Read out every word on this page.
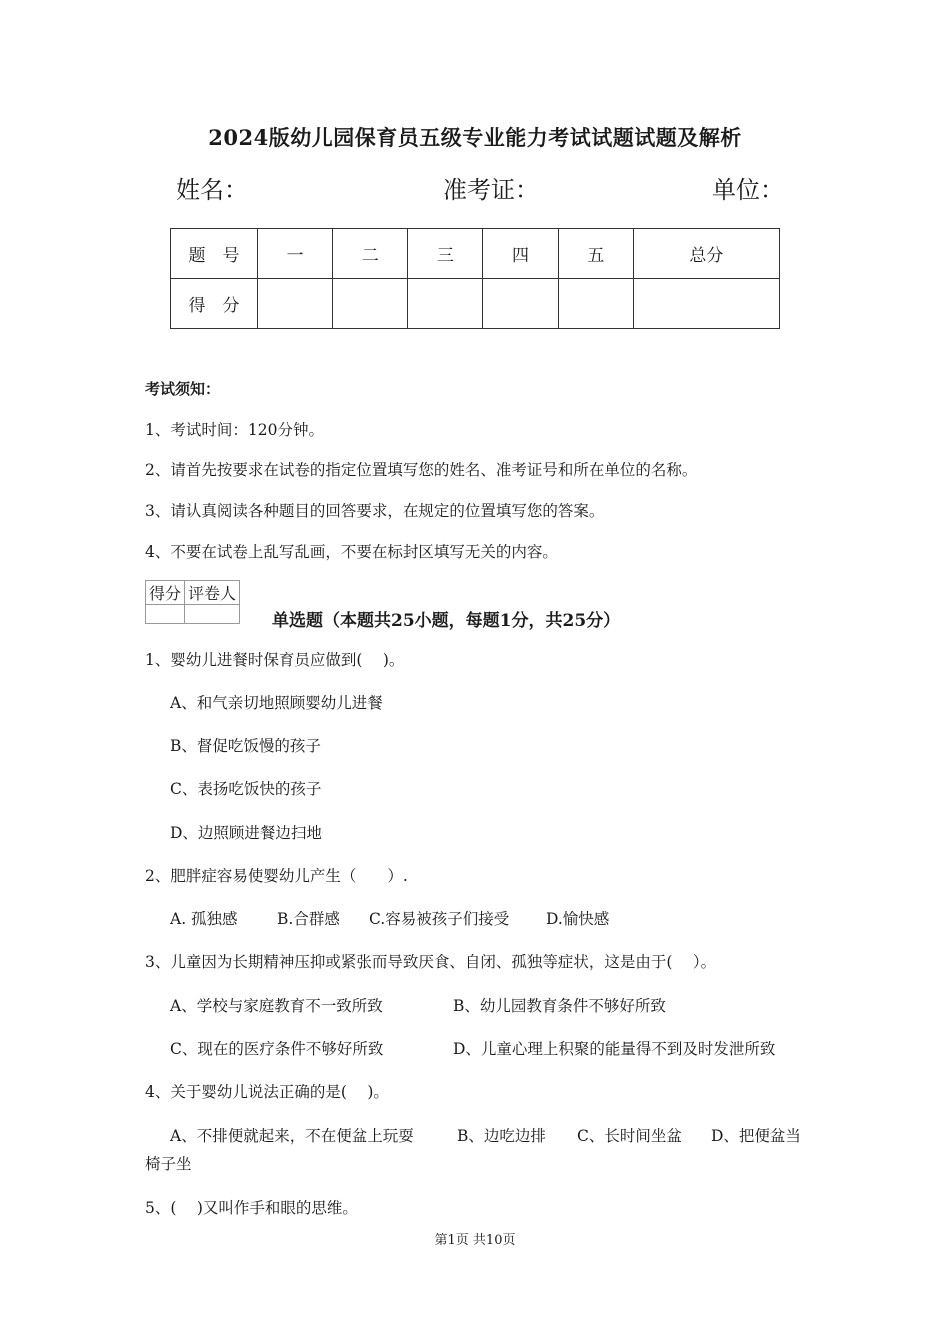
2024版幼儿园保育员五级专业能力考试试题试题及解析
姓名：	准考证：	单位：
题　号	一	二	三	四	五	总分
得　分						
考试须知：
1、考试时间：120分钟。
2、请首先按要求在试卷的指定位置填写您的姓名、准考证号和所在单位的名称。
3、请认真阅读各种题目的回答要求，在规定的位置填写您的答案。
4、不要在试卷上乱写乱画，不要在标封区填写无关的内容。
得分	评卷人

单选题（本题共25小题，每题1分，共25分）
1、婴幼儿进餐时保育员应做到(　 )。
A、和气亲切地照顾婴幼儿进餐
B、督促吃饭慢的孩子
C、表扬吃饭快的孩子
D、边照顾进餐边扫地
2、肥胖症容易使婴幼儿产生（　　）.
A. 孤独感	B.合群感 C.容易被孩子们接受 D.愉快感
3、儿童因为长期精神压抑或紧张而导致厌食、自闭、孤独等症状，这是由于(　 ）。
A、学校与家庭教育不一致所致	B、幼儿园教育条件不够好所致
C、现在的医疗条件不够好所致	D、儿童心理上积聚的能量得不到及时发泄所致
4、关于婴幼儿说法正确的是(　 )。
A、不排便就起来，不在便盆上玩耍	B、边吃边排 C、长时间坐盆 D、把便盆当
椅子坐
5、(　 )又叫作手和眼的思维。
第1页 共10页
